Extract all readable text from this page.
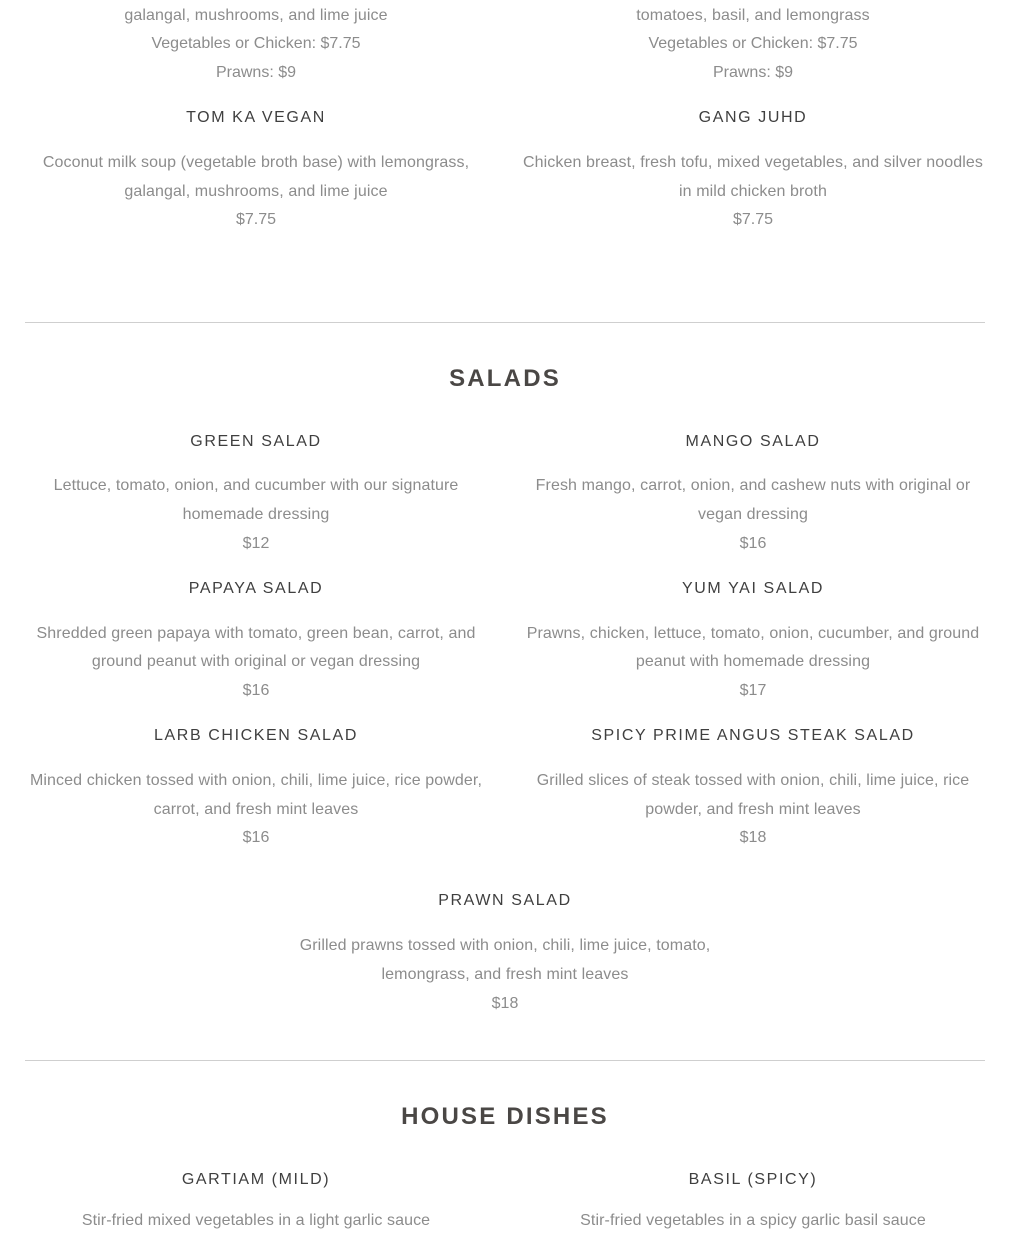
galangal, mushrooms, and lime juice
Vegetables or Chicken: $7.75
Prawns: $9
tomatoes, basil, and lemongrass
Vegetables or Chicken: $7.75
Prawns: $9
TOM KA VEGAN
Coconut milk soup (vegetable broth base) with lemongrass,
galangal, mushrooms, and lime juice
$7.75
GANG JUHD
Chicken breast, fresh tofu, mixed vegetables, and silver noodles
in mild chicken broth
$7.75
SALADS
GREEN SALAD
Lettuce, tomato, onion, and cucumber with our signature
homemade dressing
$12
MANGO SALAD
Fresh mango, carrot, onion, and cashew nuts with original or
vegan dressing
$16
PAPAYA SALAD
Shredded green papaya with tomato, green bean, carrot, and
ground peanut with original or vegan dressing
$16
YUM YAI SALAD
Prawns, chicken, lettuce, tomato, onion, cucumber, and ground
peanut with homemade dressing
$17
LARB CHICKEN SALAD
Minced chicken tossed with onion, chili, lime juice, rice powder,
carrot, and fresh mint leaves
$16
SPICY PRIME ANGUS STEAK SALAD
Grilled slices of steak tossed with onion, chili, lime juice, rice
powder, and fresh mint leaves
$18
PRAWN SALAD
Grilled prawns tossed with onion, chili, lime juice, tomato,
lemongrass, and fresh mint leaves
$18
HOUSE DISHES
GARTIAM (MILD)
Stir-fried mixed vegetables in a light garlic sauce
BASIL (SPICY)
Stir-fried vegetables in a spicy garlic basil sauce
